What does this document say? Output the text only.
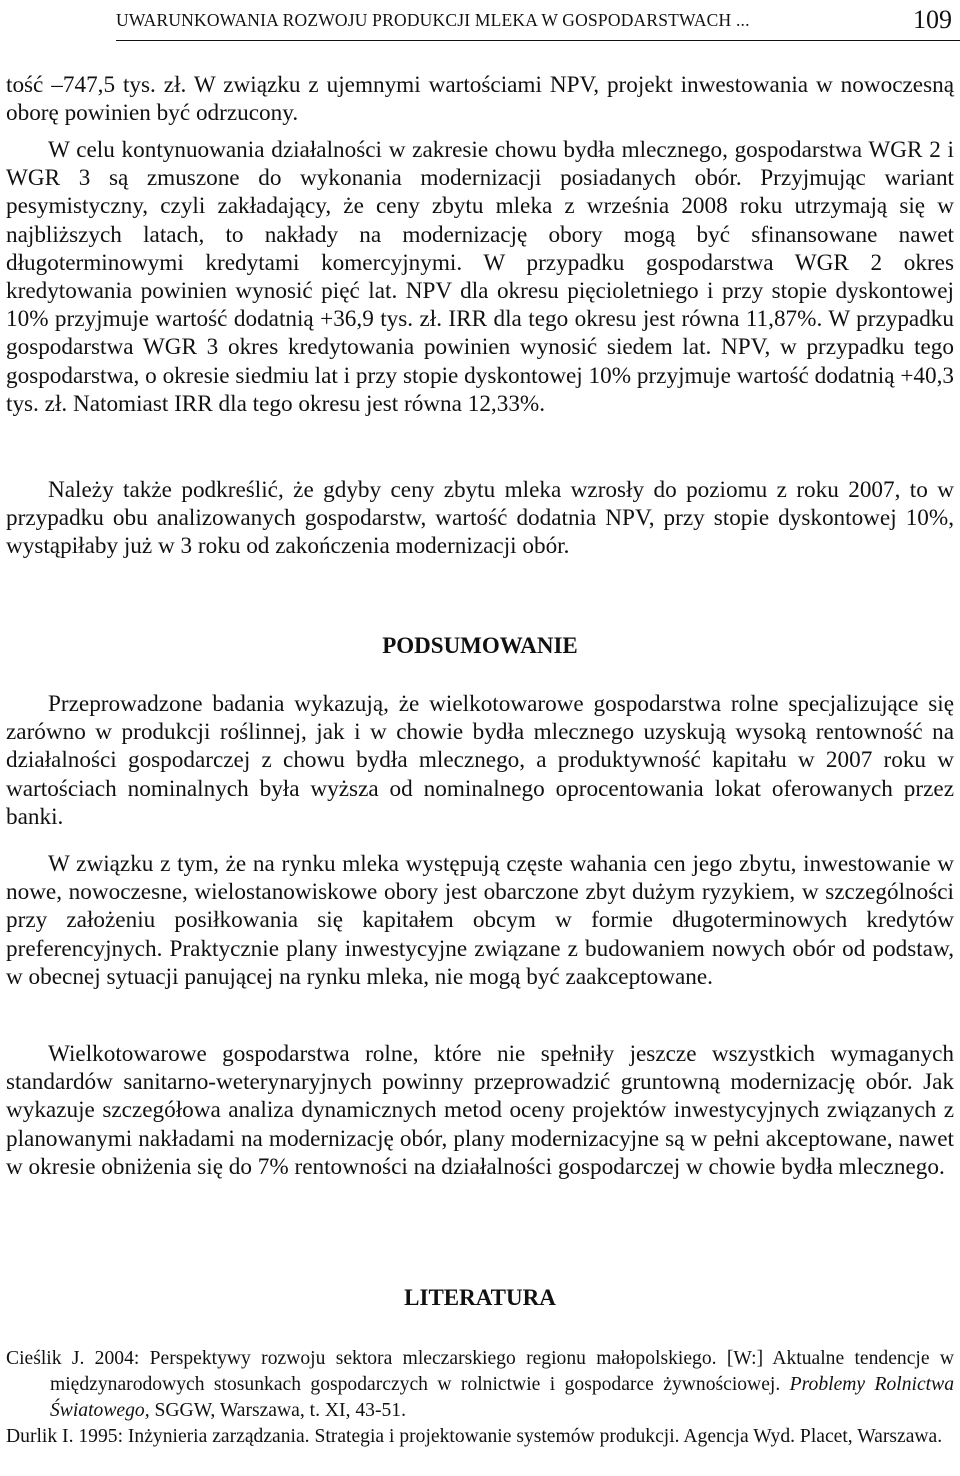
UWARUNKOWANIA ROZWOJU PRODUKCJI MLEKA W GOSPODARSTWACH ...	109

tość –747,5 tys. zł. W związku z ujemnymi wartościami NPV, projekt inwestowania w nowoczesną oborę powinien być odrzucony.

W celu kontynuowania działalności w zakresie chowu bydła mlecznego, gospodarstwa WGR 2 i WGR 3 są zmuszone do wykonania modernizacji posiadanych obór. Przyjmując wariant pesymistyczny, czyli zakładający, że ceny zbytu mleka z września 2008 roku utrzymają się w najbliższych latach, to nakłady na modernizację obory mogą być sfinansowane nawet długoterminowymi kredytami komercyjnymi. W przypadku gospodarstwa WGR 2 okres kredytowania powinien wynosić pięć lat. NPV dla okresu pięcioletniego i przy stopie dyskontowej 10% przyjmuje wartość dodatnią +36,9 tys. zł. IRR dla tego okresu jest równa 11,87%. W przypadku gospodarstwa WGR 3 okres kredytowania powinien wynosić siedem lat. NPV, w przypadku tego gospodarstwa, o okresie siedmiu lat i przy stopie dyskontowej 10% przyjmuje wartość dodatnią +40,3 tys. zł. Natomiast IRR dla tego okresu jest równa 12,33%.

Należy także podkreślić, że gdyby ceny zbytu mleka wzrosły do poziomu z roku 2007, to w przypadku obu analizowanych gospodarstw, wartość dodatnia NPV, przy stopie dyskontowej 10%, wystąpiłaby już w 3 roku od zakończenia modernizacji obór.

PODSUMOWANIE

Przeprowadzone badania wykazują, że wielkotowarowe gospodarstwa rolne specjalizujące się zarówno w produkcji roślinnej, jak i w chowie bydła mlecznego uzyskują wysoką rentowność na działalności gospodarczej z chowu bydła mlecznego, a produktywność kapitału w 2007 roku w wartościach nominalnych była wyższa od nominalnego oprocentowania lokat oferowanych przez banki.

W związku z tym, że na rynku mleka występują częste wahania cen jego zbytu, inwestowanie w nowe, nowoczesne, wielostanowiskowe obory jest obarczone zbyt dużym ryzykiem, w szczególności przy założeniu posiłkowania się kapitałem obcym w formie długoterminowych kredytów preferencyjnych. Praktycznie plany inwestycyjne związane z budowaniem nowych obór od podstaw, w obecnej sytuacji panującej na rynku mleka, nie mogą być zaakceptowane.

Wielkotowarowe gospodarstwa rolne, które nie spełniły jeszcze wszystkich wymaganych standardów sanitarno-weterynaryjnych powinny przeprowadzić gruntowną modernizację obór. Jak wykazuje szczegółowa analiza dynamicznych metod oceny projektów inwestycyjnych związanych z planowanymi nakładami na modernizację obór, plany modernizacyjne są w pełni akceptowane, nawet w okresie obniżenia się do 7% rentowności na działalności gospodarczej w chowie bydła mlecznego.

LITERATURA

Cieślik J. 2004: Perspektywy rozwoju sektora mleczarskiego regionu małopolskiego. [W:] Aktualne tendencje w międzynarodowych stosunkach gospodarczych w rolnictwie i gospodarce żywnościowej. Problemy Rolnictwa Światowego, SGGW, Warszawa, t. XI, 43-51.

Durlik I. 1995: Inżynieria zarządzania. Strategia i projektowanie systemów produkcji. Agencja Wyd. Placet, Warszawa.
